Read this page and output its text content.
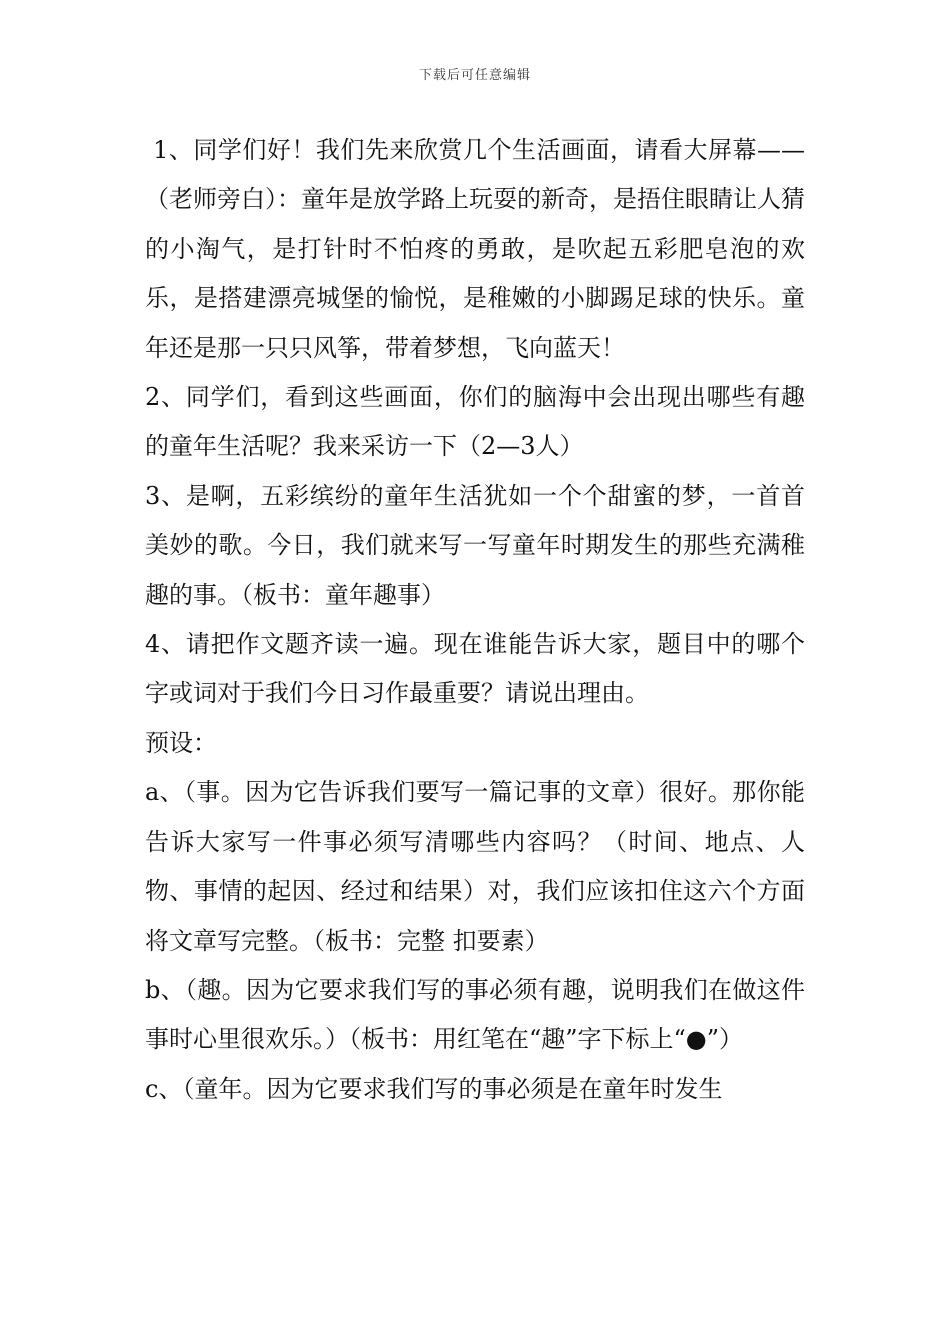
下载后可任意编辑

1、同学们好！我们先来欣赏几个生活画面，请看大屏幕——（老师旁白）：童年是放学路上玩耍的新奇，是捂住眼睛让人猜的小淘气，是打针时不怕疼的勇敢，是吹起五彩肥皂泡的欢乐，是搭建漂亮城堡的愉悦，是稚嫩的小脚踢足球的快乐。童年还是那一只只风筝，带着梦想，飞向蓝天！

2、同学们，看到这些画面，你们的脑海中会出现出哪些有趣的童年生活呢？我来采访一下（2—3人）

3、是啊，五彩缤纷的童年生活犹如一个个甜蜜的梦，一首首美妙的歌。今日，我们就来写一写童年时期发生的那些充满稚趣的事。（板书：童年趣事）

4、请把作文题齐读一遍。现在谁能告诉大家，题目中的哪个字或词对于我们今日习作最重要？请说出理由。

预设：

a、（事。因为它告诉我们要写一篇记事的文章）很好。那你能告诉大家写一件事必须写清哪些内容吗？（时间、地点、人物、事情的起因、经过和结果）对，我们应该扣住这六个方面将文章写完整。（板书：完整 扣要素）

b、（趣。因为它要求我们写的事必须有趣，说明我们在做这件事时心里很欢乐。）（板书：用红笔在“趣”字下标上“●”）

c、（童年。因为它要求我们写的事必须是在童年时发生
